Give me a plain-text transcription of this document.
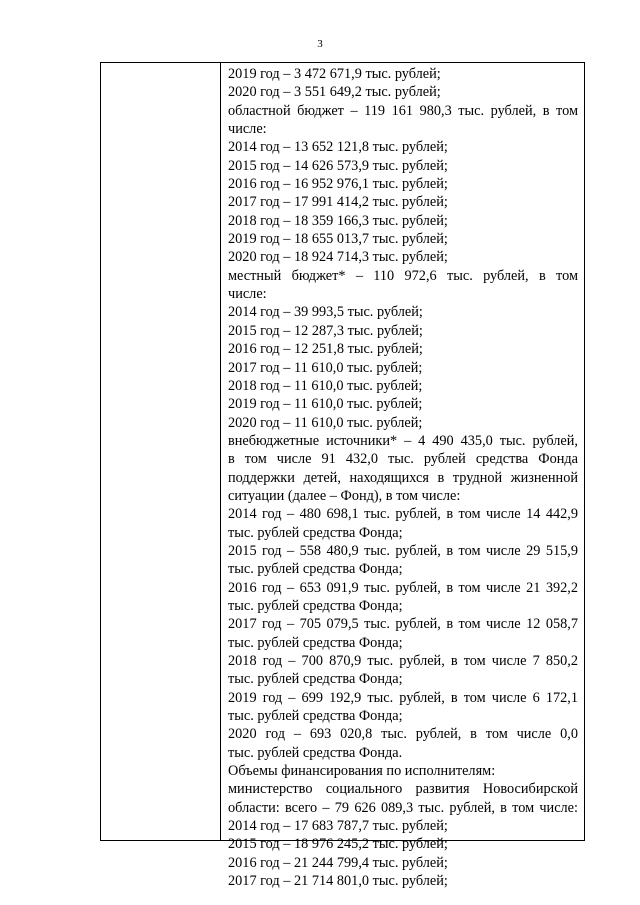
3
2019 год – 3 472 671,9 тыс. рублей;
2020 год – 3 551 649,2 тыс. рублей;
областной бюджет – 119 161 980,3 тыс. рублей, в том
числе:
2014 год – 13 652 121,8 тыс. рублей;
2015 год – 14 626 573,9 тыс. рублей;
2016 год – 16 952 976,1 тыс. рублей;
2017 год – 17 991 414,2 тыс. рублей;
2018 год – 18 359 166,3 тыс. рублей;
2019 год – 18 655 013,7 тыс. рублей;
2020 год – 18 924 714,3 тыс. рублей;
местный бюджет* – 110 972,6 тыс. рублей, в том
числе:
2014 год – 39 993,5 тыс. рублей;
2015 год – 12 287,3 тыс. рублей;
2016 год – 12 251,8 тыс. рублей;
2017 год – 11 610,0 тыс. рублей;
2018 год – 11 610,0 тыс. рублей;
2019 год – 11 610,0 тыс. рублей;
2020 год – 11 610,0 тыс. рублей;
внебюджетные источники* – 4 490 435,0 тыс. рублей,
в том числе 91 432,0 тыс. рублей средства Фонда
поддержки детей, находящихся в трудной жизненной
ситуации (далее – Фонд), в том числе:
2014 год – 480 698,1 тыс. рублей, в том числе 14 442,9
тыс. рублей средства Фонда;
2015 год – 558 480,9 тыс. рублей, в том числе 29 515,9
тыс. рублей средства Фонда;
2016 год – 653 091,9 тыс. рублей, в том числе 21 392,2
тыс. рублей средства Фонда;
2017 год – 705 079,5 тыс. рублей, в том числе 12 058,7
тыс. рублей средства Фонда;
2018 год – 700 870,9 тыс. рублей, в том числе 7 850,2
тыс. рублей средства Фонда;
2019 год – 699 192,9 тыс. рублей, в том числе 6 172,1
тыс. рублей средства Фонда;
2020 год – 693 020,8 тыс. рублей, в том числе 0,0
тыс. рублей средства Фонда.
Объемы финансирования по исполнителям:
министерство социального развития Новосибирской
области: всего – 79 626 089,3 тыс. рублей, в том числе:
2014 год – 17 683 787,7 тыс. рублей;
2015 год – 18 976 245,2 тыс. рублей;
2016 год – 21 244 799,4 тыс. рублей;
2017 год – 21 714 801,0 тыс. рублей;
